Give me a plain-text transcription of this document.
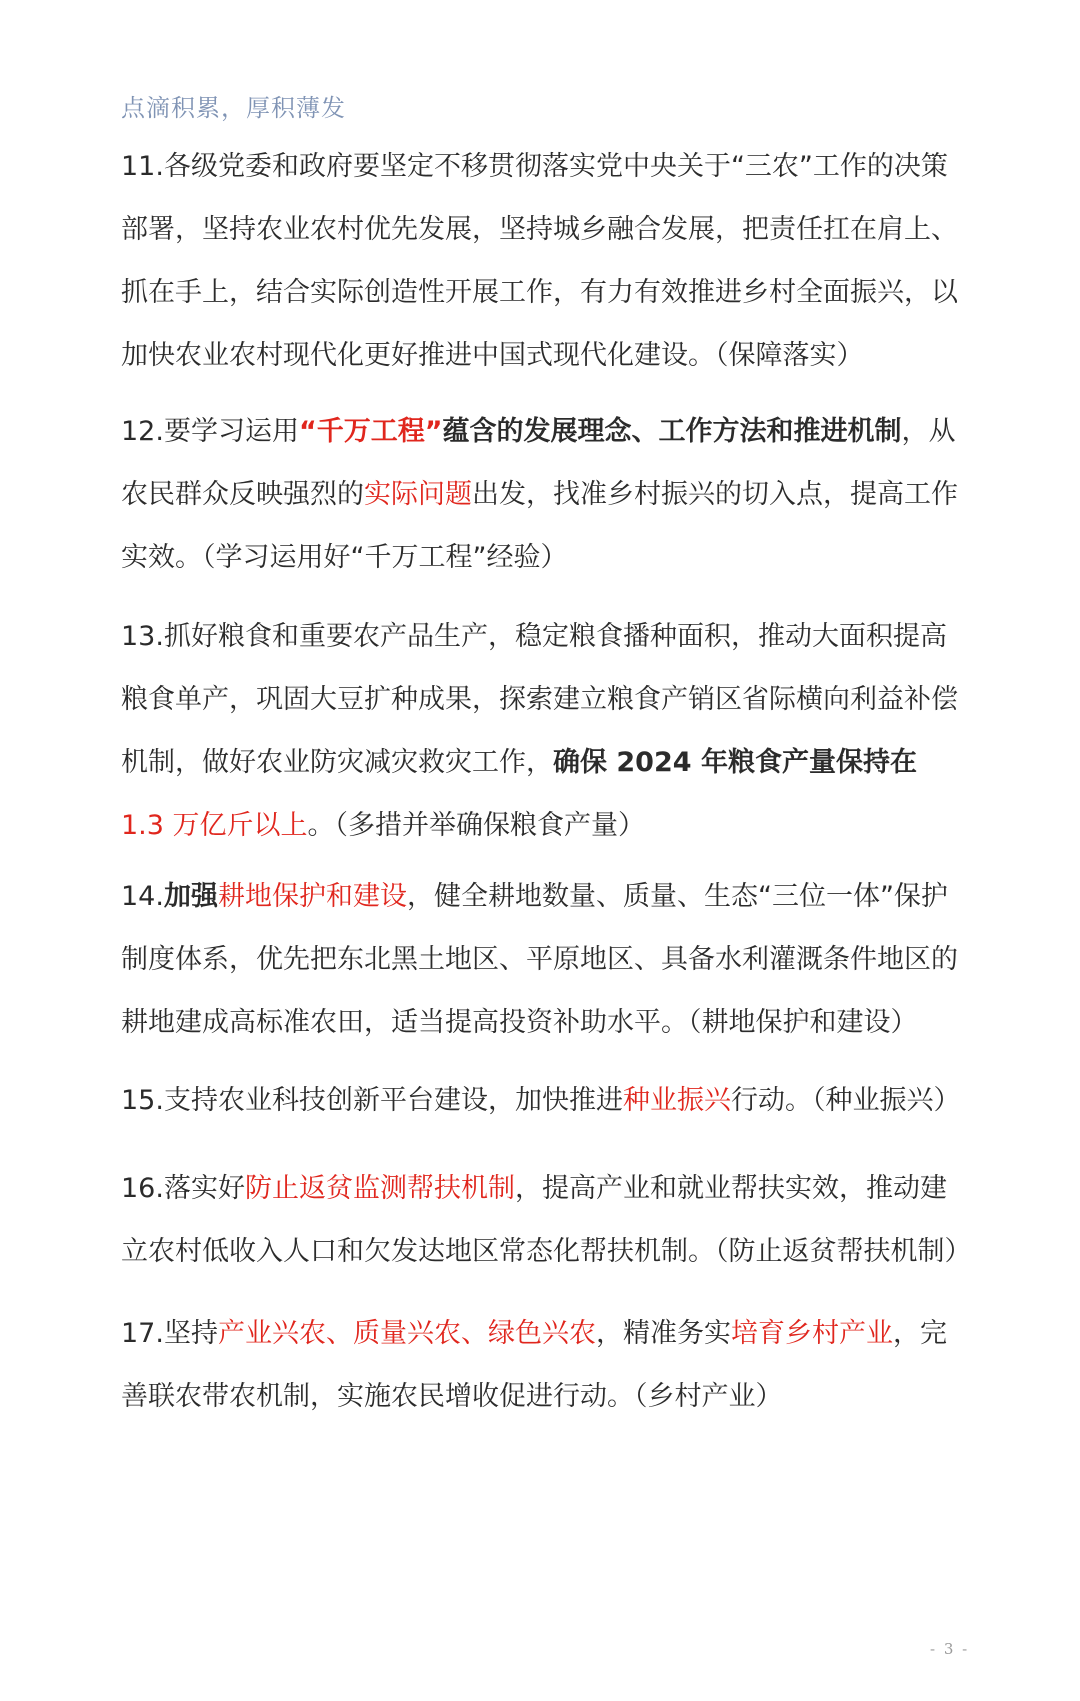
点滴积累，厚积薄发
11.各级党委和政府要坚定不移贯彻落实党中央关于“三农”工作的决策部署，坚持农业农村优先发展，坚持城乡融合发展，把责任扛在肩上、抓在手上，结合实际创造性开展工作，有力有效推进乡村全面振兴，以加快农业农村现代化更好推进中国式现代化建设。（保障落实）
12.要学习运用“千万工程”蕴含的发展理念、工作方法和推进机制，从农民群众反映强烈的实际问题出发，找准乡村振兴的切入点，提高工作实效。（学习运用好“千万工程”经验）
13.抓好粮食和重要农产品生产，稳定粮食播种面积，推动大面积提高粮食单产，巩固大豆扩种成果，探索建立粮食产销区省际横向利益补偿机制，做好农业防灾减灾救灾工作，确保 2024 年粮食产量保持在 1.3 万亿斤以上。（多措并举确保粮食产量）
14.加强耕地保护和建设，健全耕地数量、质量、生态“三位一体”保护制度体系，优先把东北黑土地区、平原地区、具备水利灌溉条件地区的耕地建成高标准农田，适当提高投资补助水平。（耕地保护和建设）
15.支持农业科技创新平台建设，加快推进种业振兴行动。（种业振兴）
16.落实好防止返贫监测帮扶机制，提高产业和就业帮扶实效，推动建立农村低收入人口和欠发达地区常态化帮扶机制。（防止返贫帮扶机制）
17.坚持产业兴农、质量兴农、绿色兴农，精准务实培育乡村产业，完善联农带农机制，实施农民增收促进行动。（乡村产业）
- 3 -
